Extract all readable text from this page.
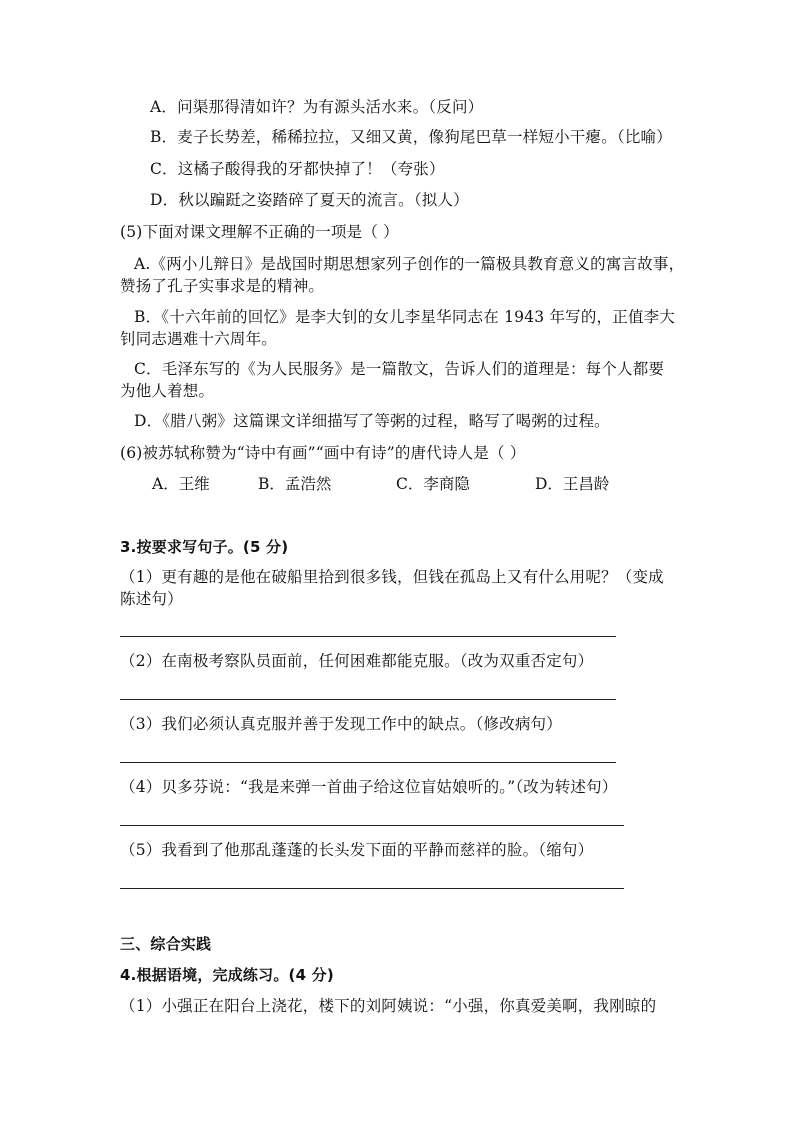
A．问渠那得清如许？为有源头活水来。（反问）
B．麦子长势差，稀稀拉拉，又细又黄，像狗尾巴草一样短小干瘪。（比喻）
C．这橘子酸得我的牙都快掉了！（夸张）
D．秋以蹁跹之姿踏碎了夏天的流言。（拟人）
(5)下面对课文理解不正确的一项是（ ）
A.《两小儿辩日》是战国时期思想家列子创作的一篇极具教育意义的寓言故事，
赞扬了孔子实事求是的精神。
B．《十六年前的回忆》是李大钊的女儿李星华同志在 1943 年写的，正值李大
钊同志遇难十六周年。
C．毛泽东写的《为人民服务》是一篇散文，告诉人们的道理是：每个人都要
为他人着想。
D．《腊八粥》这篇课文详细描写了等粥的过程，略写了喝粥的过程。
(6)被苏轼称赞为“诗中有画”“画中有诗”的唐代诗人是（ ）
A．王维	B．孟浩然	C．李商隐	D．王昌龄
3.按要求写句子。(5 分)
（1）更有趣的是他在破船里拾到很多钱，但钱在孤岛上又有什么用呢？（变成
陈述句）
（2）在南极考察队员面前，任何困难都能克服。（改为双重否定句）
（3）我们必须认真克服并善于发现工作中的缺点。（修改病句）
（4）贝多芬说：“我是来弹一首曲子给这位盲姑娘听的。”（改为转述句）
（5）我看到了他那乱蓬蓬的长头发下面的平静而慈祥的脸。（缩句）
三、综合实践
4.根据语境，完成练习。(4 分)
（1）小强正在阳台上浇花，楼下的刘阿姨说：“小强，你真爱美啊，我刚晾的
